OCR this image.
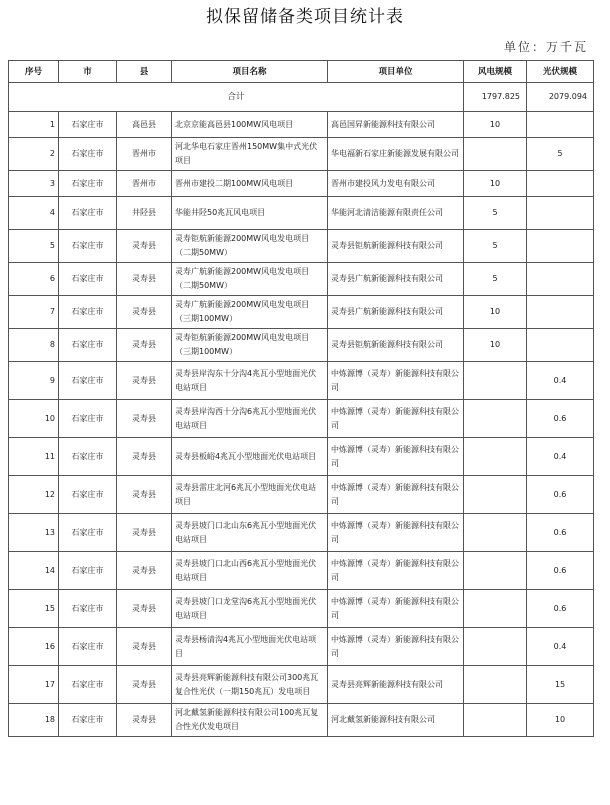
拟保留储备类项目统计表
单位：万千瓦
序号	市	县	项目名称	项目单位	风电规模	光伏规模
合计					1797.825	2079.094
1	石家庄市	高邑县	北京京能高邑县100MW风电项目	高邑国昇新能源科技有限公司	10	
2	石家庄市	晋州市	河北华电石家庄晋州150MW集中式光伏项目	华电福新石家庄新能源发展有限公司		5
3	石家庄市	晋州市	晋州市建投二期100MW风电项目	晋州市建投风力发电有限公司	10	
4	石家庄市	井陉县	华能井陉50兆瓦风电项目	华能河北清洁能源有限责任公司	5	
5	石家庄市	灵寿县	灵寿钜航新能源200MW风电发电项目（二期50MW）	灵寿县钜航新能源科技有限公司	5	
6	石家庄市	灵寿县	灵寿广航新能源200MW风电发电项目（二期50MW）	灵寿县广航新能源科技有限公司	5	
7	石家庄市	灵寿县	灵寿广航新能源200MW风电发电项目（三期100MW）	灵寿县广航新能源科技有限公司	10	
8	石家庄市	灵寿县	灵寿钜航新能源200MW风电发电项目（三期100MW）	灵寿县钜航新能源科技有限公司	10	
9	石家庄市	灵寿县	灵寿县岸沟东十分沟4兆瓦小型地面光伏电站项目	中炼源博（灵寿）新能源科技有限公司		0.4
10	石家庄市	灵寿县	灵寿县岸沟西十分沟6兆瓦小型地面光伏电站项目	中炼源博（灵寿）新能源科技有限公司		0.6
11	石家庄市	灵寿县	灵寿县板峪4兆瓦小型地面光伏电站项目	中炼源博（灵寿）新能源科技有限公司		0.4
12	石家庄市	灵寿县	灵寿县雷庄北河6兆瓦小型地面光伏电站项目	中炼源博（灵寿）新能源科技有限公司		0.6
13	石家庄市	灵寿县	灵寿县坡门口北山东6兆瓦小型地面光伏电站项目	中炼源博（灵寿）新能源科技有限公司		0.6
14	石家庄市	灵寿县	灵寿县坡门口北山西6兆瓦小型地面光伏电站项目	中炼源博（灵寿）新能源科技有限公司		0.6
15	石家庄市	灵寿县	灵寿县坡门口龙堂沟6兆瓦小型地面光伏电站项目	中炼源博（灵寿）新能源科技有限公司		0.6
16	石家庄市	灵寿县	灵寿县杨清沟4兆瓦小型地面光伏电站项目	中炼源博（灵寿）新能源科技有限公司		0.4
17	石家庄市	灵寿县	灵寿县亮辉新能源科技有限公司300兆瓦复合性光伏（一期150兆瓦）发电项目	灵寿县亮辉新能源科技有限公司		15
18	石家庄市	灵寿县	河北戴氢新能源科技有限公司100兆瓦复合性光伏发电项目	河北戴氢新能源科技有限公司		10
